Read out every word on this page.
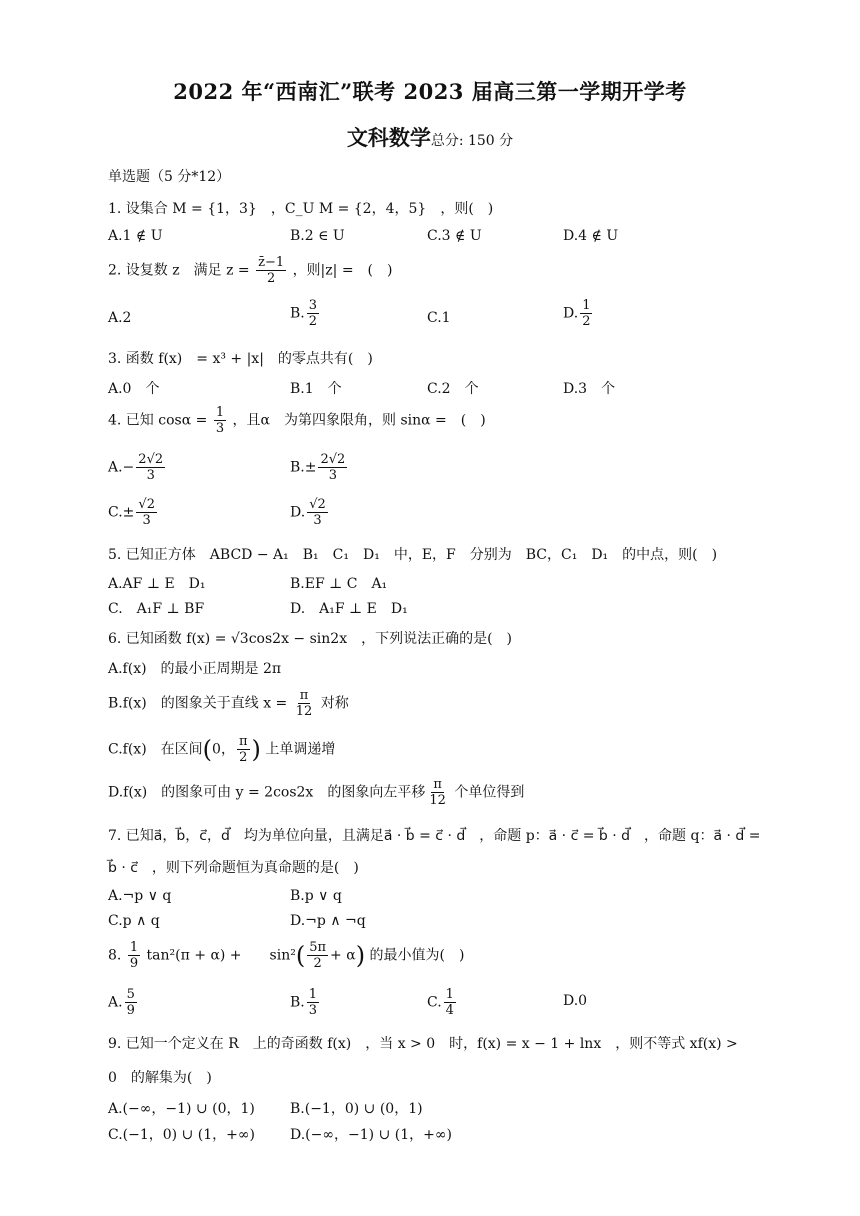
2022 年“西南汇”联考 2023 届高三第一学期开学考
文科数学总分: 150 分
单选题（5 分*12）
1. 设集合 M = {1，3}　，C_U M = {2，4，5}　，则(　)
A.1 ∉ U	B.2 ∈ U	C.3 ∉ U	D.4 ∉ U
2. 设复数 z　满足 $z = \frac{z̄-1}{2}$ ，则|z| =　(　)
A.2	B. $\frac{3}{2}$	C.1	D. $\frac{1}{2}$
3. 函数 f(x)　= x³ + |x|　的零点共有(　)
A.0　个	B.1　个	C.2　个	D.3　个
4. 已知 $\cos\alpha = \frac{1}{3}$ ，且α　为第四象限角，则 sinα =　(　)
$A.- \frac{2√2}{3}$	$B.\pm \frac{2√2}{3}$
$C.\pm \frac{√2}{3}$	D. $\frac{√2}{3}$
5. 已知正方体　ABCD − A₁　B₁　C₁　D₁　中，E，F　分别为　BC，C₁　D₁　的中点，则(　)
A.AF ⊥ E　D₁	B.EF ⊥ C　A₁
C.　A₁F ⊥ BF	D.　A₁F ⊥ E　D₁
6. 已知函数 f(x) = √3cos2x − sin2x　，下列说法正确的是(　)
A.f(x)　的最小正周期是 2π
B.f(x)　的图象关于直线 $x = \frac{\pi}{12}$ 对称
C.f(x)　在区间(0， $\frac{\pi}{2}$ ) 上单调递增
D.f(x)　的图象可由 y = 2cos2x　的图象向左平移 $\frac{\pi}{12}$ 个单位得到
7. 已知a⃗，b⃗，c⃗，d⃗　均为单位向量，且满足a⃗ · b⃗ = c⃗ · d⃗　，命题 p：a⃗ · c⃗ = b⃗ · d⃗　，命题 q：a⃗ · d⃗ =
b⃗ · c⃗　，则下列命题恒为真命题的是(　)
A.¬p ∨ q	B.p ∨ q
C.p ∧ q	D.¬p ∧ ¬q
8. $\frac{1}{9} \tan^2(\pi + \alpha)$ +　　$\sin^2( \frac{5\pi}{2} + \alpha)$ 的最小值为(　)
A. $\frac{5}{9}$	B. $\frac{1}{3}$	C. $\frac{1}{4}$	D.0
9. 已知一个定义在 R　上的奇函数 f(x)　，当 x > 0　时，f(x) = x − 1 + lnx　，则不等式 xf(x) >
0　的解集为(　)
A.(−∞，−1) ∪ (0，1)	B.(−1，0) ∪ (0，1)
C.(−1，0) ∪ (1，+∞)	D.(−∞，−1) ∪ (1，+∞)
